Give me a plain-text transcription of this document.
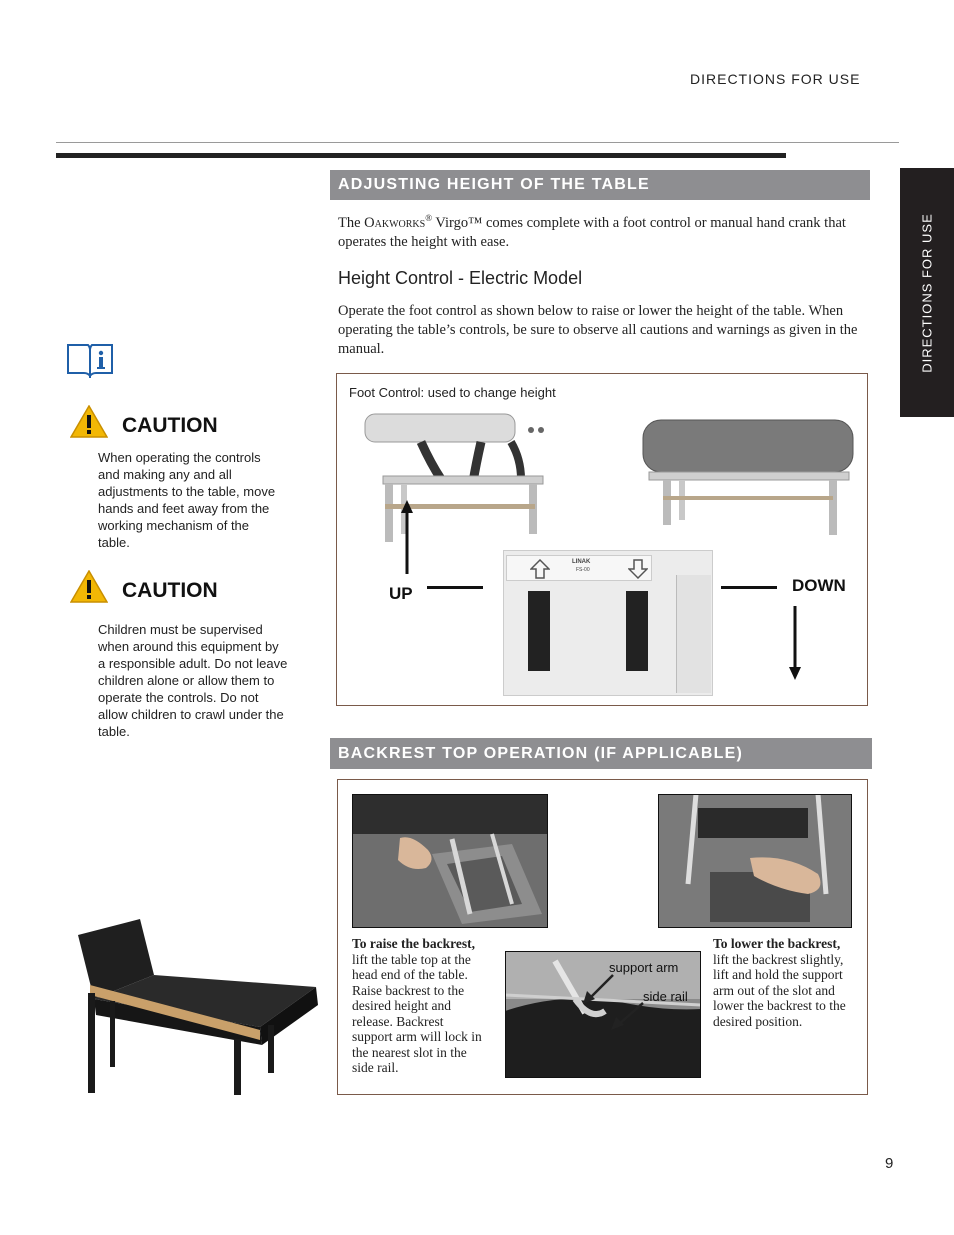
DIRECTIONS FOR USE
DIRECTIONS FOR USE
ADJUSTING HEIGHT OF THE TABLE
The Oakworks® Virgo™ comes complete with a foot control or manual hand crank that operates the height with ease.
Height Control - Electric Model
Operate the foot control as shown below to raise or lower the height of the table. When operating the table’s controls, be sure to observe all cautions and warnings as given in the manual.
Foot Control: used to change height
UP
LINAK
FS-00
DOWN
CAUTION
When operating the controls and making any and all adjustments to the table, move hands and feet away from the working mechanism of the table.
CAUTION
Children must be supervised when around this equipment by a responsible adult. Do not leave children alone or allow them to operate the controls. Do not allow children to crawl under the table.
BACKREST TOP OPERATION (IF APPLICABLE)
To raise the backrest,
lift the table top at the head end of the table. Raise backrest to the desired height and release. Backrest support arm will lock in the nearest slot in the side rail.
support arm
side rail
To lower the backrest,
lift the backrest slightly, lift and hold the support arm out of the slot and lower the backrest to the desired position.
9
